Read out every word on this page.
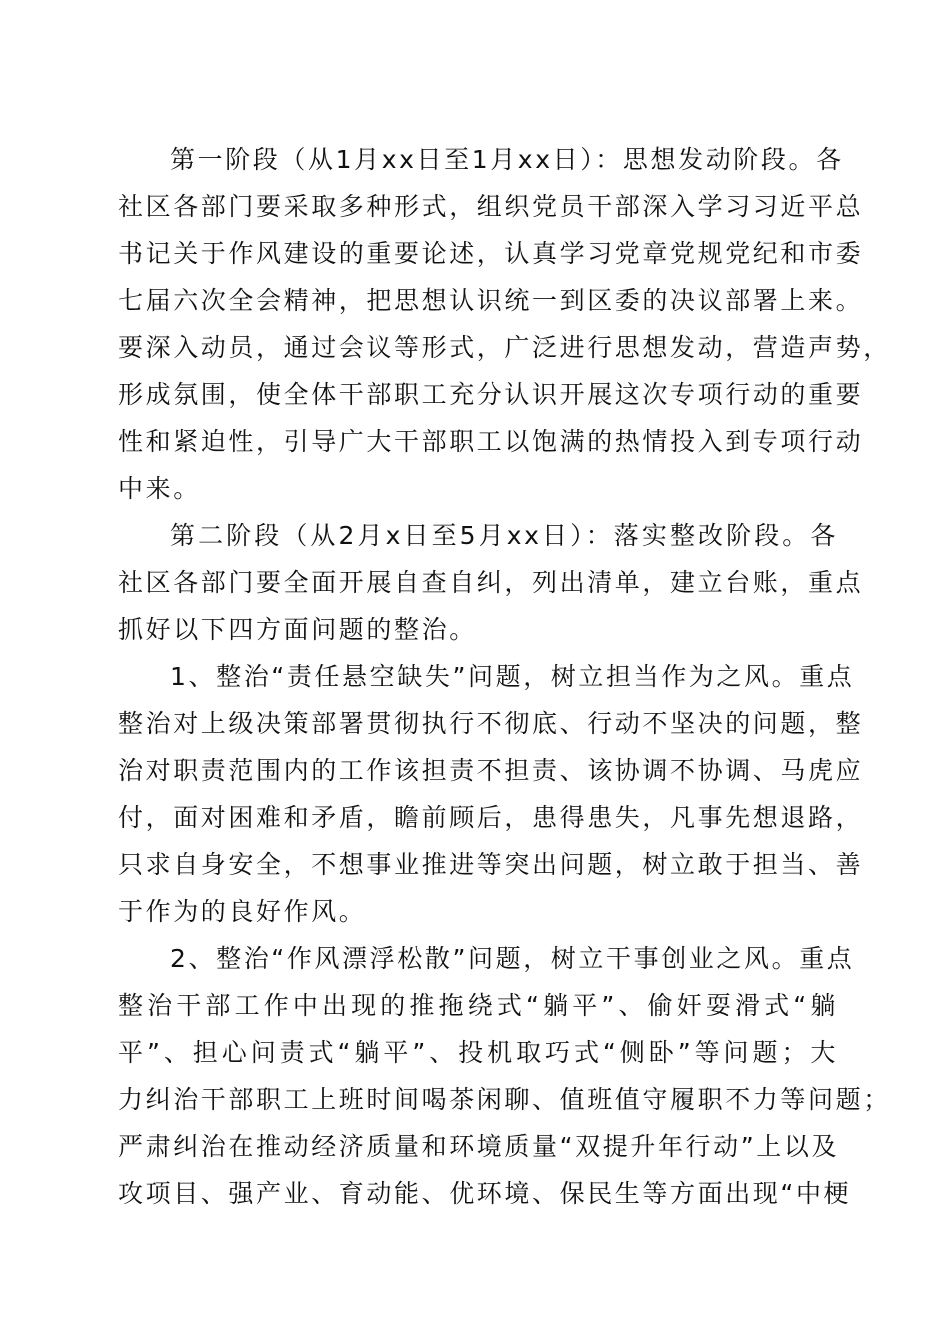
第一阶段（从1月xx日至1月xx日）：思想发动阶段。各
社区各部门要采取多种形式，组织党员干部深入学习习近平总
书记关于作风建设的重要论述，认真学习党章党规党纪和市委
七届六次全会精神，把思想认识统一到区委的决议部署上来。
要深入动员，通过会议等形式，广泛进行思想发动，营造声势，
形成氛围，使全体干部职工充分认识开展这次专项行动的重要
性和紧迫性，引导广大干部职工以饱满的热情投入到专项行动
中来。
第二阶段（从2月x日至5月xx日）：落实整改阶段。各
社区各部门要全面开展自查自纠，列出清单，建立台账，重点
抓好以下四方面问题的整治。
1、整治“责任悬空缺失”问题，树立担当作为之风。重点
整治对上级决策部署贯彻执行不彻底、行动不坚决的问题，整
治对职责范围内的工作该担责不担责、该协调不协调、马虎应
付，面对困难和矛盾，瞻前顾后，患得患失，凡事先想退路，
只求自身安全，不想事业推进等突出问题，树立敢于担当、善
于作为的良好作风。
2、整治“作风漂浮松散”问题，树立干事创业之风。重点
整治干部工作中出现的推拖绕式“躺平”、偷奸耍滑式“躺
平”、担心问责式“躺平”、投机取巧式“侧卧”等问题；大
力纠治干部职工上班时间喝茶闲聊、值班值守履职不力等问题；
严肃纠治在推动经济质量和环境质量“双提升年行动”上以及
攻项目、强产业、育动能、优环境、保民生等方面出现“中梗
